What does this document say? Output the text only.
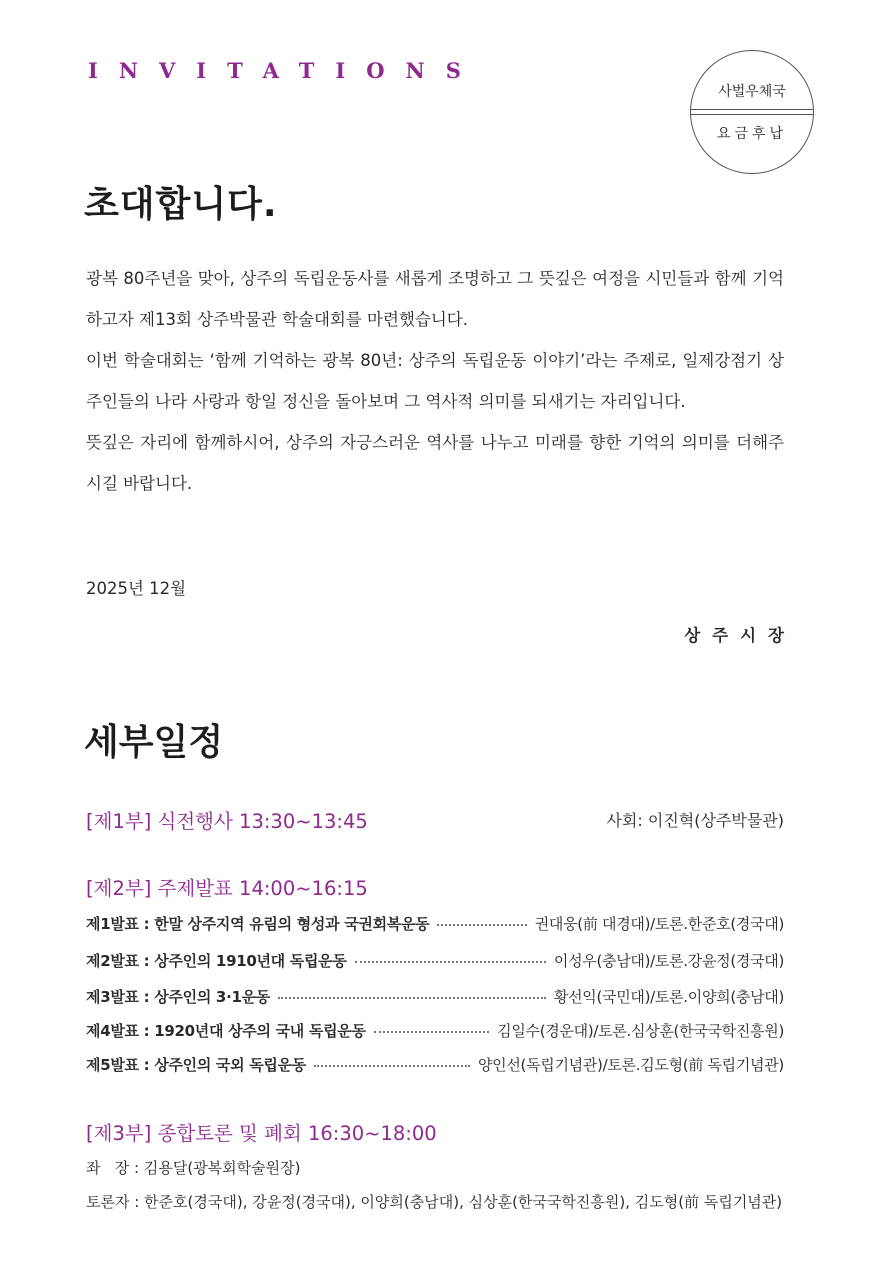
INVITATIONS
사벌우체국
요금후납
초대합니다.

광복 80주년을 맞아, 상주의 독립운동사를 새롭게 조명하고 그 뜻깊은 여정을 시민들과 함께 기억하고자 제13회 상주박물관 학술대회를 마련했습니다.

이번 학술대회는 ‘함께 기억하는 광복 80년: 상주의 독립운동 이야기’라는 주제로, 일제강점기 상주인들의 나라 사랑과 항일 정신을 돌아보며 그 역사적 의미를 되새기는 자리입니다.

뜻깊은 자리에 함께하시어, 상주의 자긍스러운 역사를 나누고 미래를 향한 기억의 의미를 더해주시길 바랍니다.

2025년 12월
상주시장
세부일정
[제1부] 식전행사 13:30~13:45	사회: 이진혁(상주박물관)
[제2부] 주제발표 14:00~16:15
제1발표 : 한말 상주지역 유림의 형성과 국권회복운동	권대웅(前 대경대)/토론.한준호(경국대)
제2발표 : 상주인의 1910년대 독립운동	이성우(충남대)/토론.강윤정(경국대)
제3발표 : 상주인의 3·1운동	황선익(국민대)/토론.이양희(충남대)
제4발표 : 1920년대 상주의 국내 독립운동	김일수(경운대)/토론.심상훈(한국국학진흥원)
제5발표 : 상주인의 국외 독립운동	양인선(독립기념관)/토론.김도형(前 독립기념관)
[제3부] 종합토론 및 폐회 16:30~18:00
좌   장 : 김용달(광복회학술원장)
토론자 : 한준호(경국대), 강윤정(경국대), 이양희(충남대), 심상훈(한국국학진흥원), 김도형(前 독립기념관)
